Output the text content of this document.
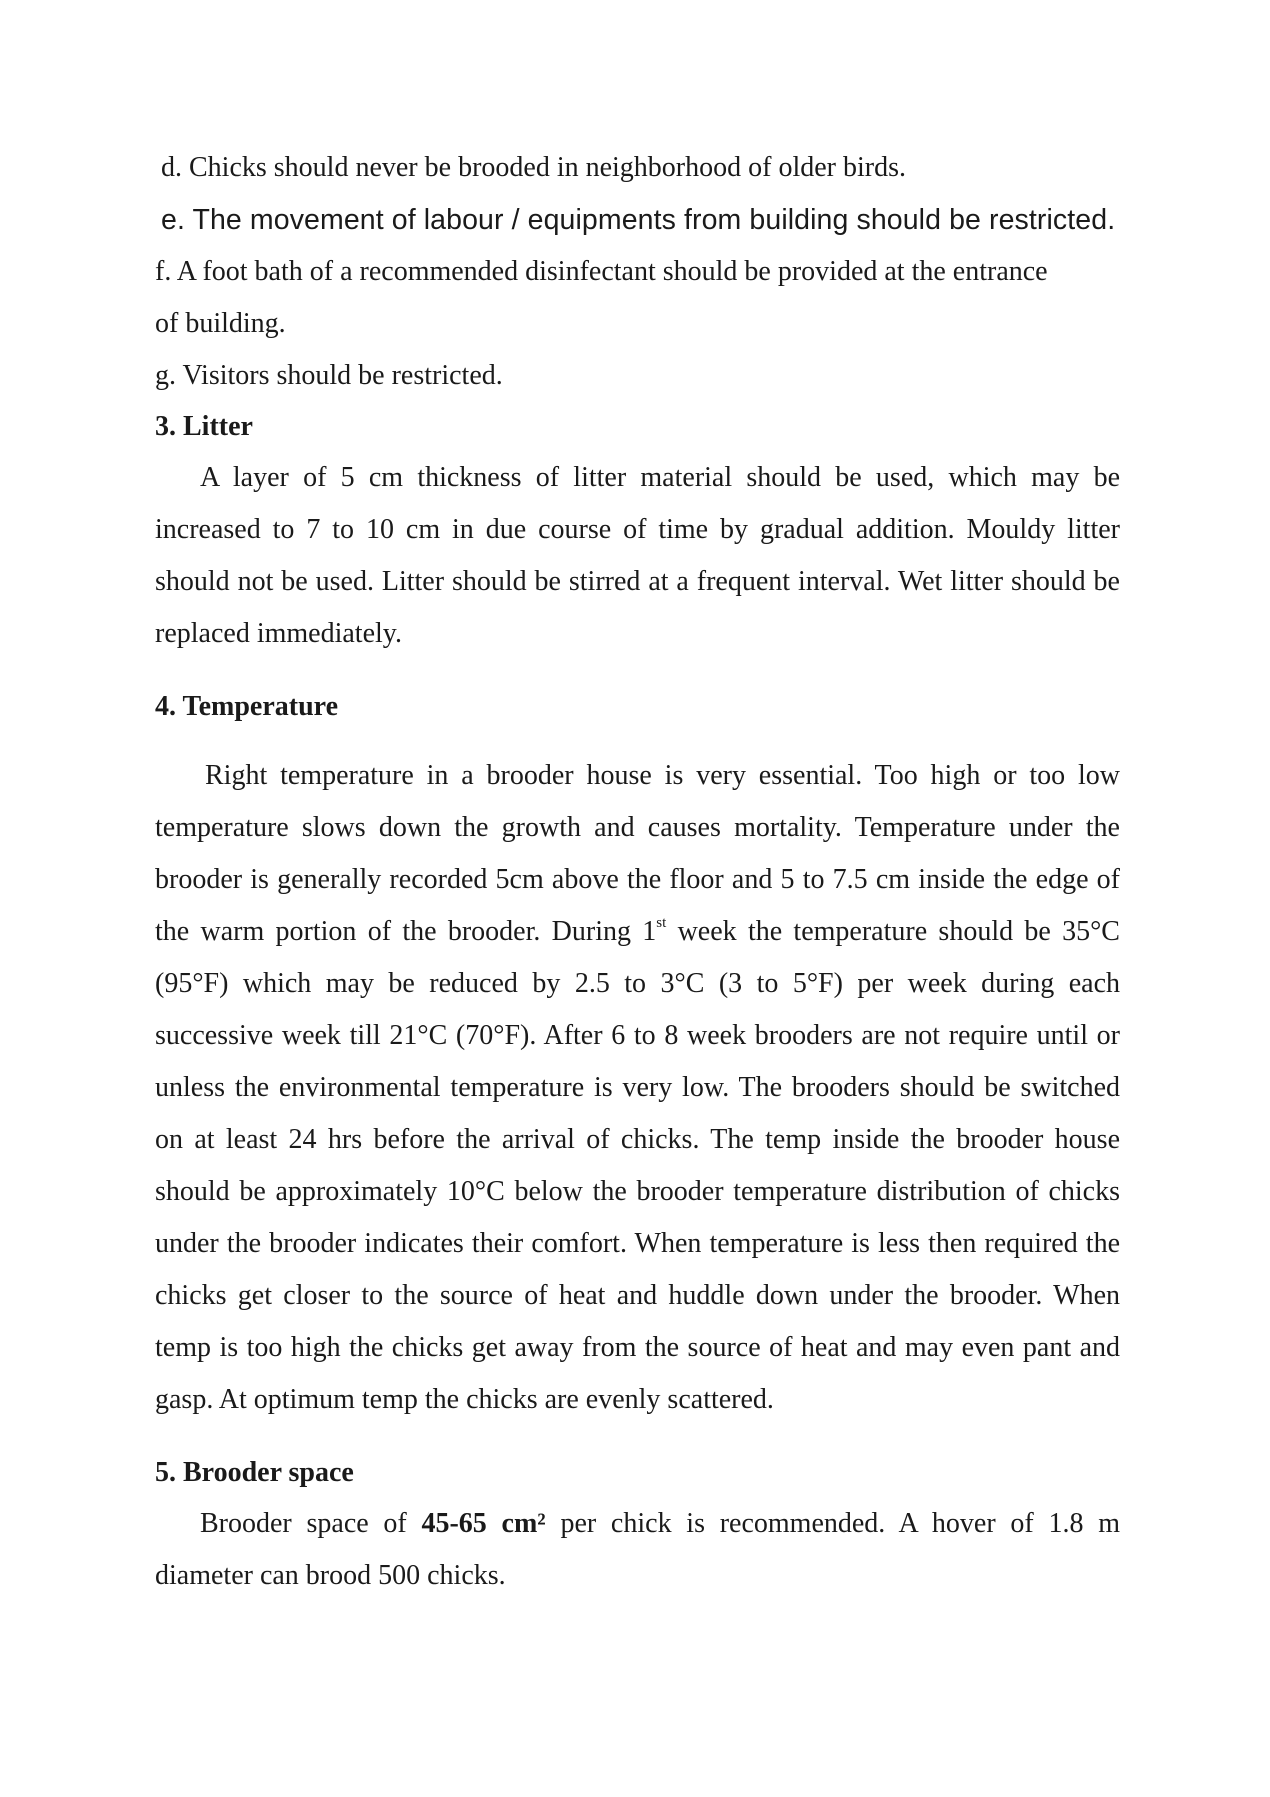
d. Chicks should never be brooded in neighborhood of older birds.
e. The movement of labour / equipments from building should be restricted.
f. A foot bath of a recommended disinfectant should be provided at the entrance
of building.
g. Visitors should be restricted.
3. Litter
A layer of 5 cm thickness of litter material should be used, which may be increased to 7 to 10 cm in due course of time by gradual addition. Mouldy litter should not be used. Litter should be stirred at a frequent interval. Wet litter should be replaced immediately.
4. Temperature
Right temperature in a brooder house is very essential. Too high or too low temperature slows down the growth and causes mortality. Temperature under the brooder is generally recorded 5cm above the floor and 5 to 7.5 cm inside the edge of the warm portion of the brooder. During 1st week the temperature should be 35°C (95°F) which may be reduced by 2.5 to 3°C (3 to 5°F) per week during each successive week till 21°C (70°F). After 6 to 8 week brooders are not require until or unless the environmental temperature is very low. The brooders should be switched on at least 24 hrs before the arrival of chicks. The temp inside the brooder house should be approximately 10°C below the brooder temperature distribution of chicks under the brooder indicates their comfort. When temperature is less then required the chicks get closer to the source of heat and huddle down under the brooder. When temp is too high the chicks get away from the source of heat and may even pant and gasp. At optimum temp the chicks are evenly scattered.
5. Brooder space
Brooder space of 45-65 cm² per chick is recommended. A hover of 1.8 m diameter can brood 500 chicks.
